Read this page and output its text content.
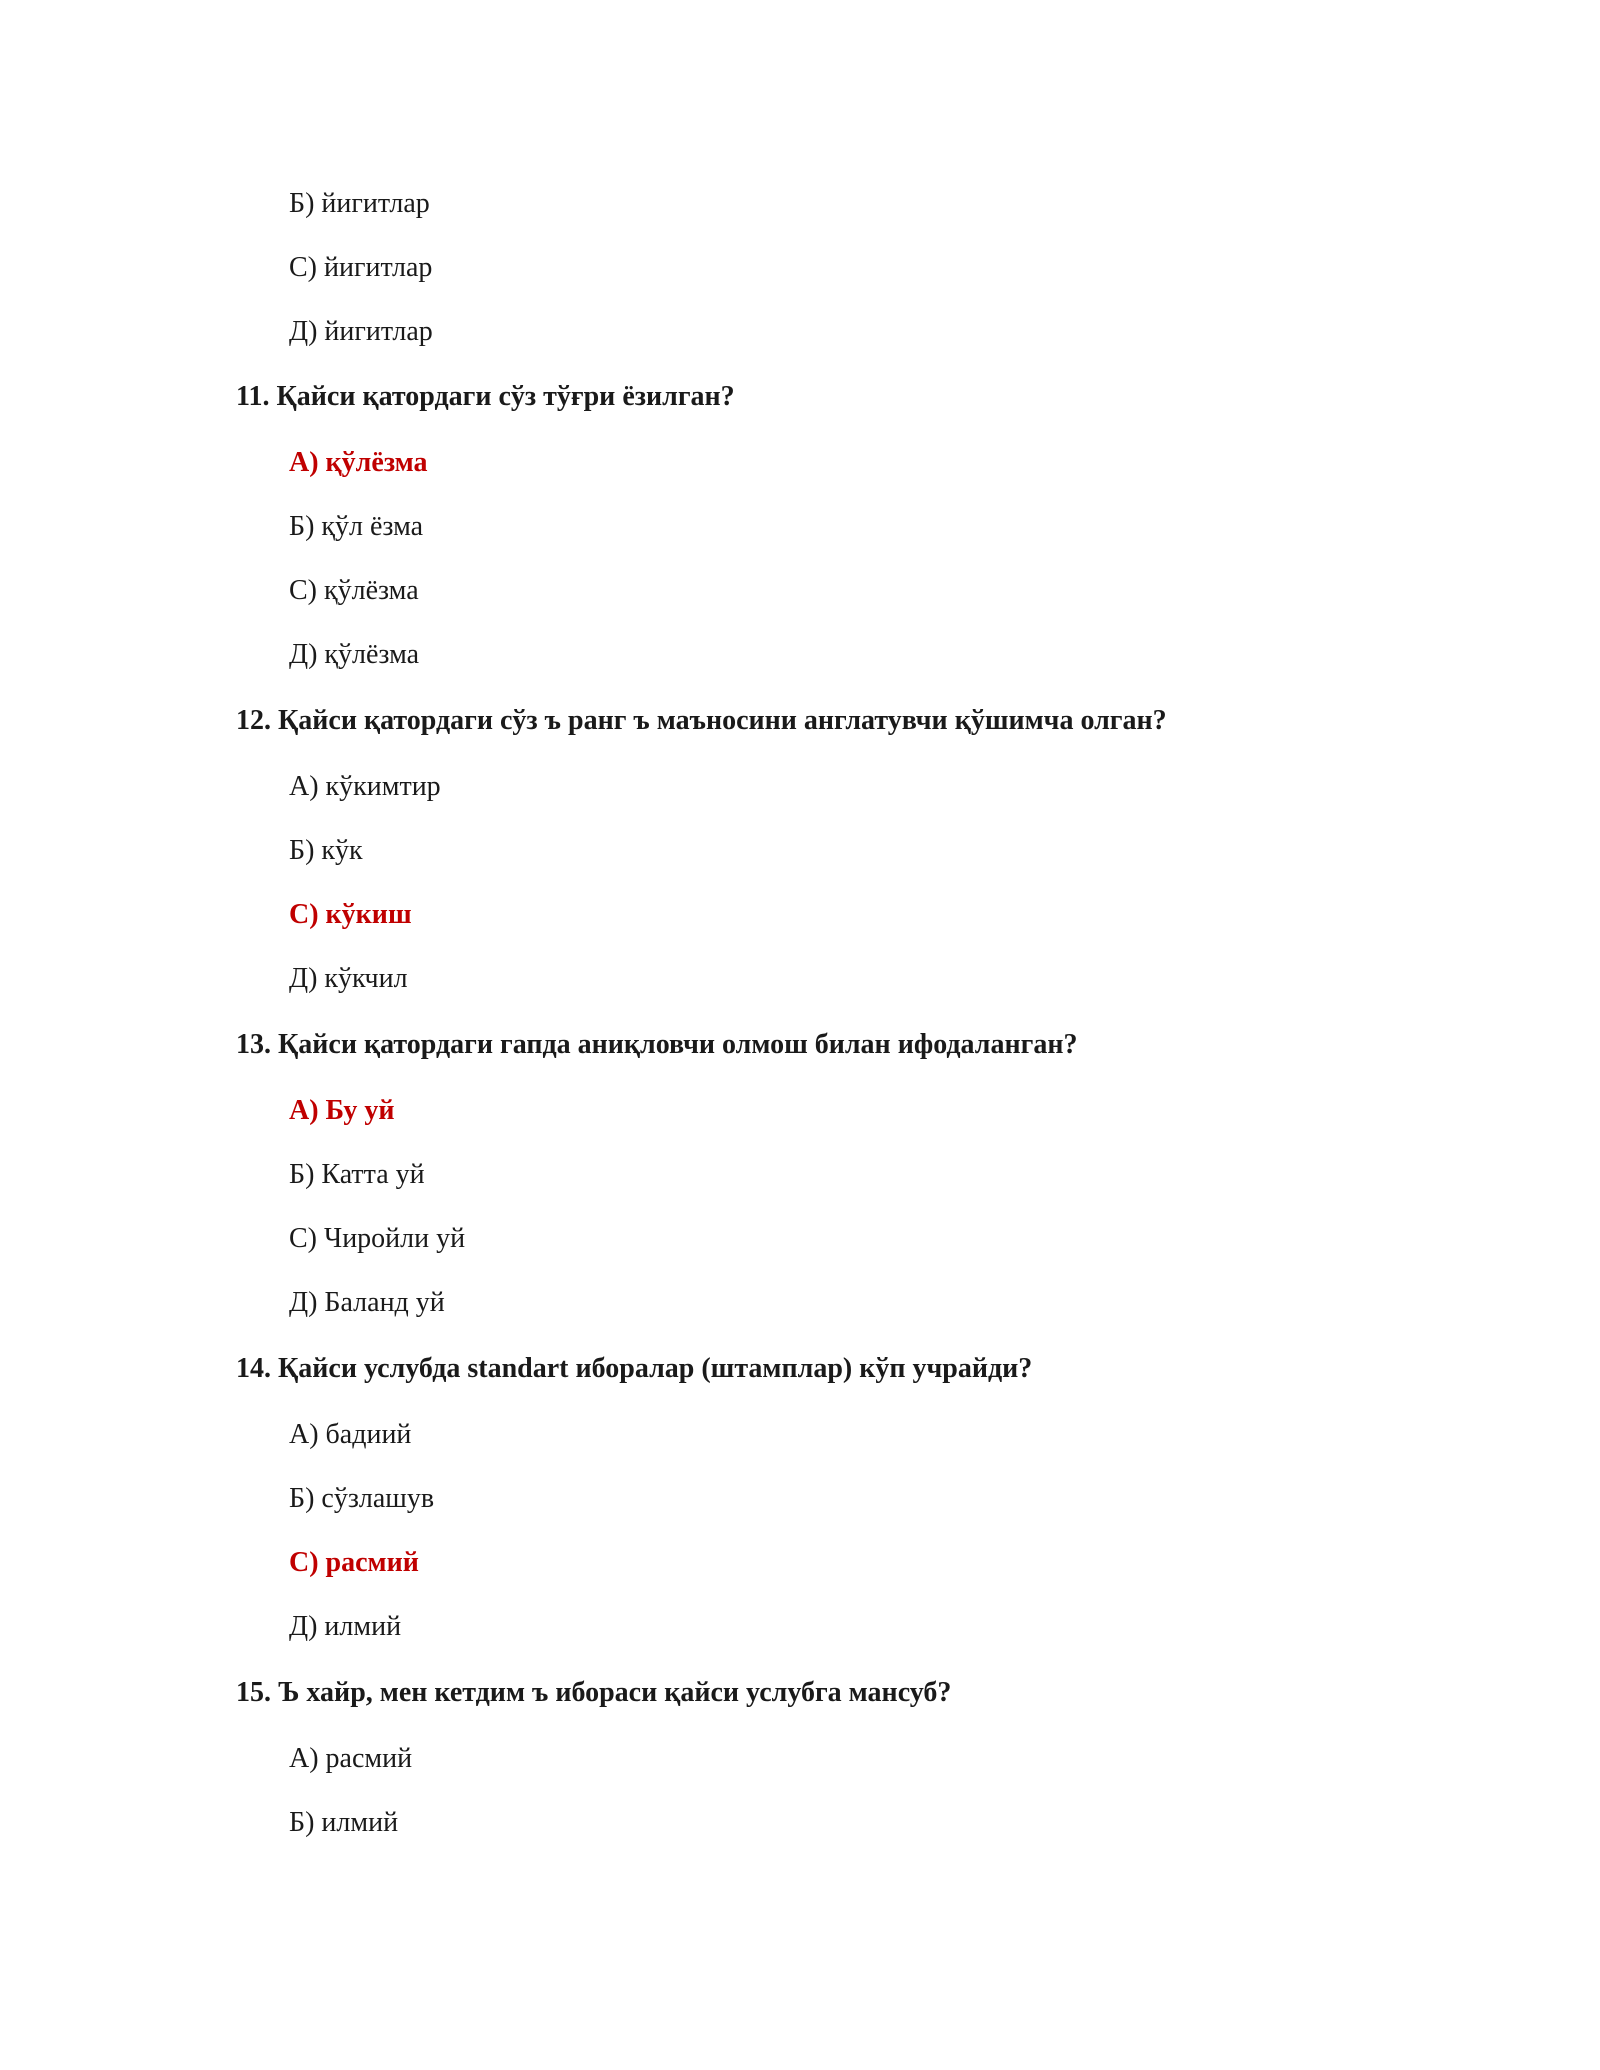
Б) йигитлар
С) йигитлар
Д) йигитлар
11. Қайси қатордаги сўз тўғри ёзилган?
А) қўлёзма
Б) қўл ёзма
С) қўлёзма
Д) қўлёзма
12. Қайси қатордаги сўз ъ ранг ъ маъносини англатувчи қўшимча олган?
А) кўкимтир
Б) кўк
С) кўкиш
Д) кўкчил
13. Қайси қатордаги гапда аниқловчи олмош билан ифодаланган?
А) Бу уй
Б) Катта уй
С) Чиройли уй
Д) Баланд уй
14. Қайси услубда standart иборалар (штамплар) кўп учрайди?
А) бадиий
Б) сўзлашув
С) расмий
Д) илмий
15. Ъ хайр, мен кетдим ъ ибораси қайси услубга мансуб?
А) расмий
Б) илмий
